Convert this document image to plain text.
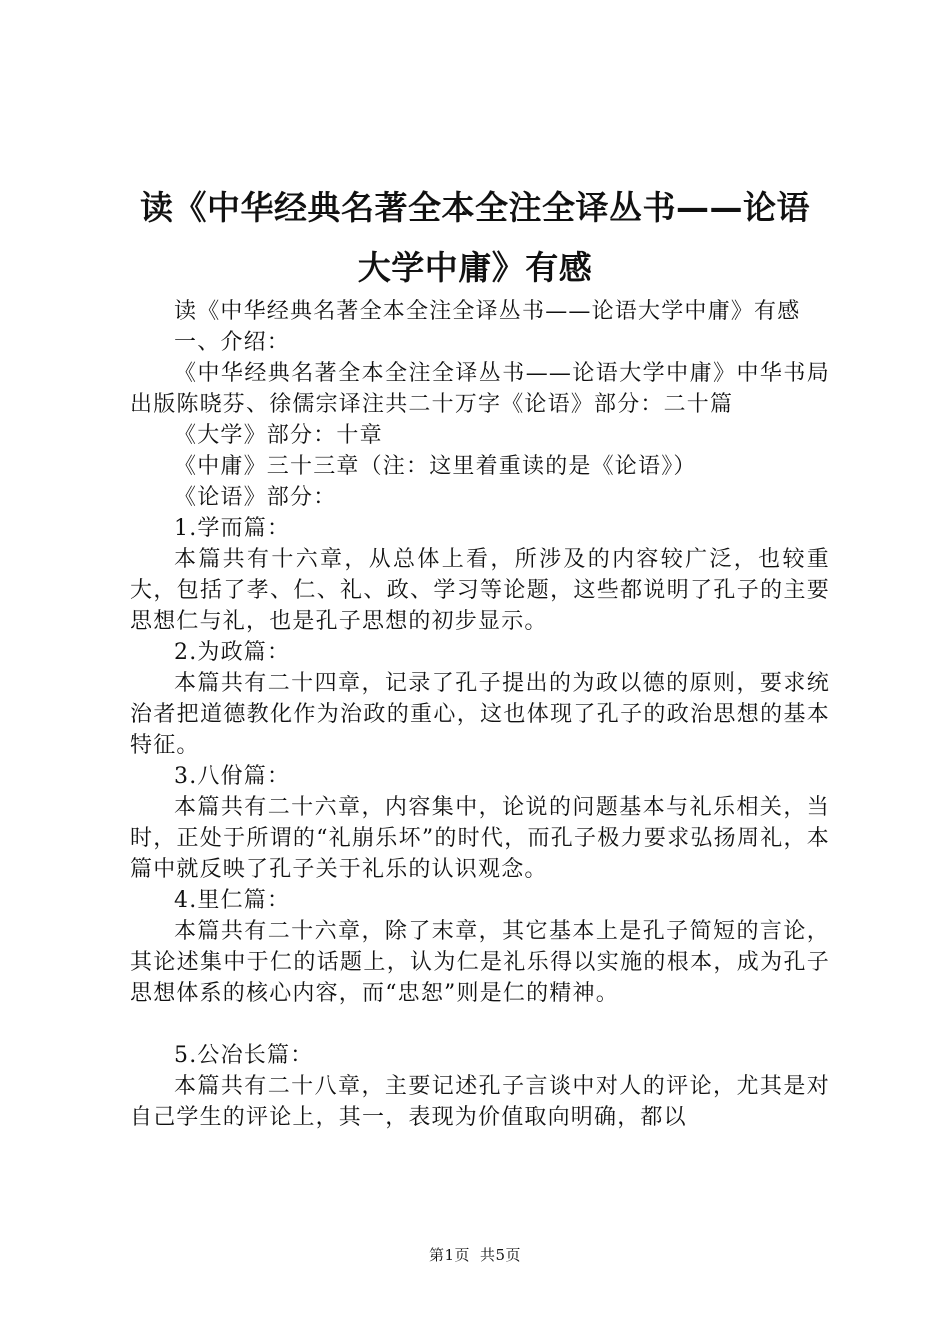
读《中华经典名著全本全注全译丛书——论语
大学中庸》有感

读《中华经典名著全本全注全译丛书——论语大学中庸》有感

一、介绍：

《中华经典名著全本全注全译丛书——论语大学中庸》中华书局出版陈晓芬、徐儒宗译注共二十万字《论语》部分：二十篇

《大学》部分：十章

《中庸》三十三章（注：这里着重读的是《论语》）

《论语》部分：

1.学而篇：

本篇共有十六章，从总体上看，所涉及的内容较广泛，也较重大，包括了孝、仁、礼、政、学习等论题，这些都说明了孔子的主要思想仁与礼，也是孔子思想的初步显示。

2.为政篇：

本篇共有二十四章，记录了孔子提出的为政以德的原则，要求统治者把道德教化作为治政的重心，这也体现了孔子的政治思想的基本特征。

3.八佾篇：

本篇共有二十六章，内容集中，论说的问题基本与礼乐相关，当时，正处于所谓的“礼崩乐坏”的时代，而孔子极力要求弘扬周礼，本篇中就反映了孔子关于礼乐的认识观念。

4.里仁篇：

本篇共有二十六章，除了末章，其它基本上是孔子简短的言论，其论述集中于仁的话题上，认为仁是礼乐得以实施的根本，成为孔子思想体系的核心内容，而“忠恕”则是仁的精神。

5.公冶长篇：

本篇共有二十八章，主要记述孔子言谈中对人的评论，尤其是对自己学生的评论上，其一，表现为价值取向明确，都以

第1页 共5页
